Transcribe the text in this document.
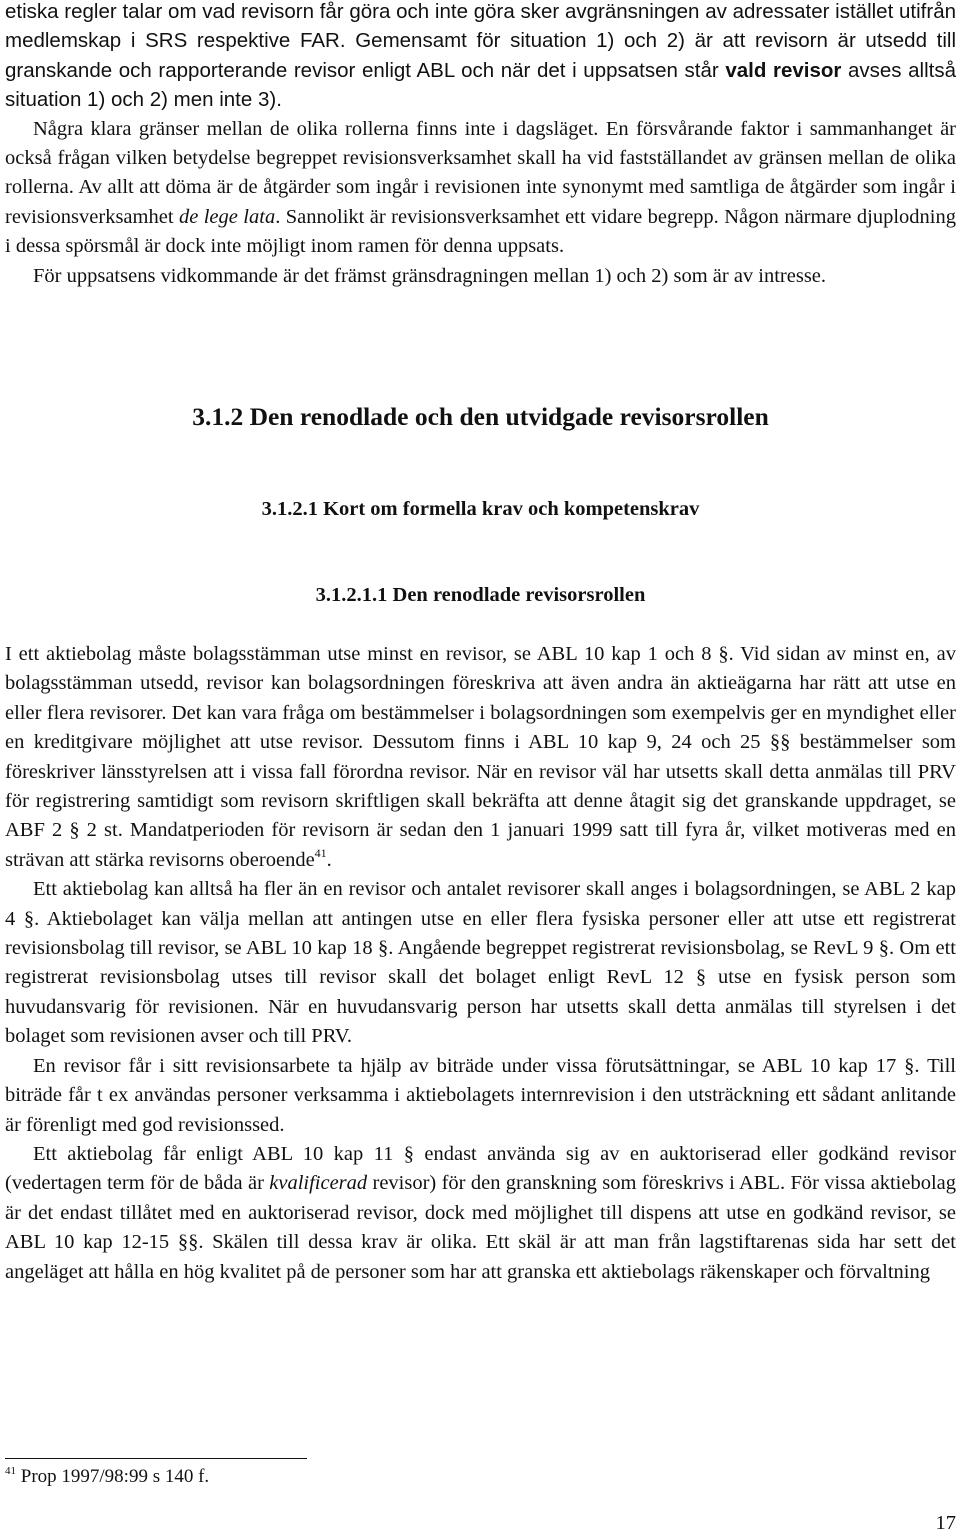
etiska regler talar om vad revisorn får göra och inte göra sker avgränsningen av adressater istället utifrån medlemskap i SRS respektive FAR. Gemensamt för situation 1) och 2) är att revisorn är utsedd till granskande och rapporterande revisor enligt ABL och när det i uppsatsen står vald revisor avses alltså situation 1) och 2) men inte 3).

Några klara gränser mellan de olika rollerna finns inte i dagsläget. En försvårande faktor i sammanhanget är också frågan vilken betydelse begreppet revisionsverksamhet skall ha vid fastställandet av gränsen mellan de olika rollerna. Av allt att döma är de åtgärder som ingår i revisionen inte synonymt med samtliga de åtgärder som ingår i revisionsverksamhet de lege lata. Sannolikt är revisionsverksamhet ett vidare begrepp. Någon närmare djuplodning i dessa spörsmål är dock inte möjligt inom ramen för denna uppsats.

För uppsatsens vidkommande är det främst gränsdragningen mellan 1) och 2) som är av intresse.

3.1.2 Den renodlade och den utvidgade revisorsrollen
3.1.2.1 Kort om formella krav och kompetenskrav
3.1.2.1.1 Den renodlade revisorsrollen

I ett aktiebolag måste bolagsstämman utse minst en revisor, se ABL 10 kap 1 och 8 §. Vid sidan av minst en, av bolagsstämman utsedd, revisor kan bolagsordningen föreskriva att även andra än aktieägarna har rätt att utse en eller flera revisorer. Det kan vara fråga om bestämmelser i bolagsordningen som exempelvis ger en myndighet eller en kreditgivare möjlighet att utse revisor. Dessutom finns i ABL 10 kap 9, 24 och 25 §§ bestämmelser som föreskriver länsstyrelsen att i vissa fall förordna revisor. När en revisor väl har utsetts skall detta anmälas till PRV för registrering samtidigt som revisorn skriftligen skall bekräfta att denne åtagit sig det granskande uppdraget, se ABF 2 § 2 st. Mandatperioden för revisorn är sedan den 1 januari 1999 satt till fyra år, vilket motiveras med en strävan att stärka revisorns oberoende$^{41}$.

Ett aktiebolag kan alltså ha fler än en revisor och antalet revisorer skall anges i bolagsordningen, se ABL 2 kap 4 §. Aktiebolaget kan välja mellan att antingen utse en eller flera fysiska personer eller att utse ett registrerat revisionsbolag till revisor, se ABL 10 kap 18 §. Angående begreppet registrerat revisionsbolag, se RevL 9 §. Om ett registrerat revisionsbolag utses till revisor skall det bolaget enligt RevL 12 § utse en fysisk person som huvudansvarig för revisionen. När en huvudansvarig person har utsetts skall detta anmälas till styrelsen i det bolaget som revisionen avser och till PRV.

En revisor får i sitt revisionsarbete ta hjälp av biträde under vissa förutsättningar, se ABL 10 kap 17 §. Till biträde får t ex användas personer verksamma i aktiebolagets internrevision i den utsträckning ett sådant anlitande är förenligt med god revisionssed.

Ett aktiebolag får enligt ABL 10 kap 11 § endast använda sig av en auktoriserad eller godkänd revisor (vedertagen term för de båda är kvalificerad revisor) för den granskning som föreskrivs i ABL. För vissa aktiebolag är det endast tillåtet med en auktoriserad revisor, dock med möjlighet till dispens att utse en godkänd revisor, se ABL 10 kap 12-15 §§. Skälen till dessa krav är olika. Ett skäl är att man från lagstiftarenas sida har sett det angeläget att hålla en hög kvalitet på de personer som har att granska ett aktiebolags räkenskaper och förvaltning

$^{41}$ Prop 1997/98:99 s 140 f.

17
